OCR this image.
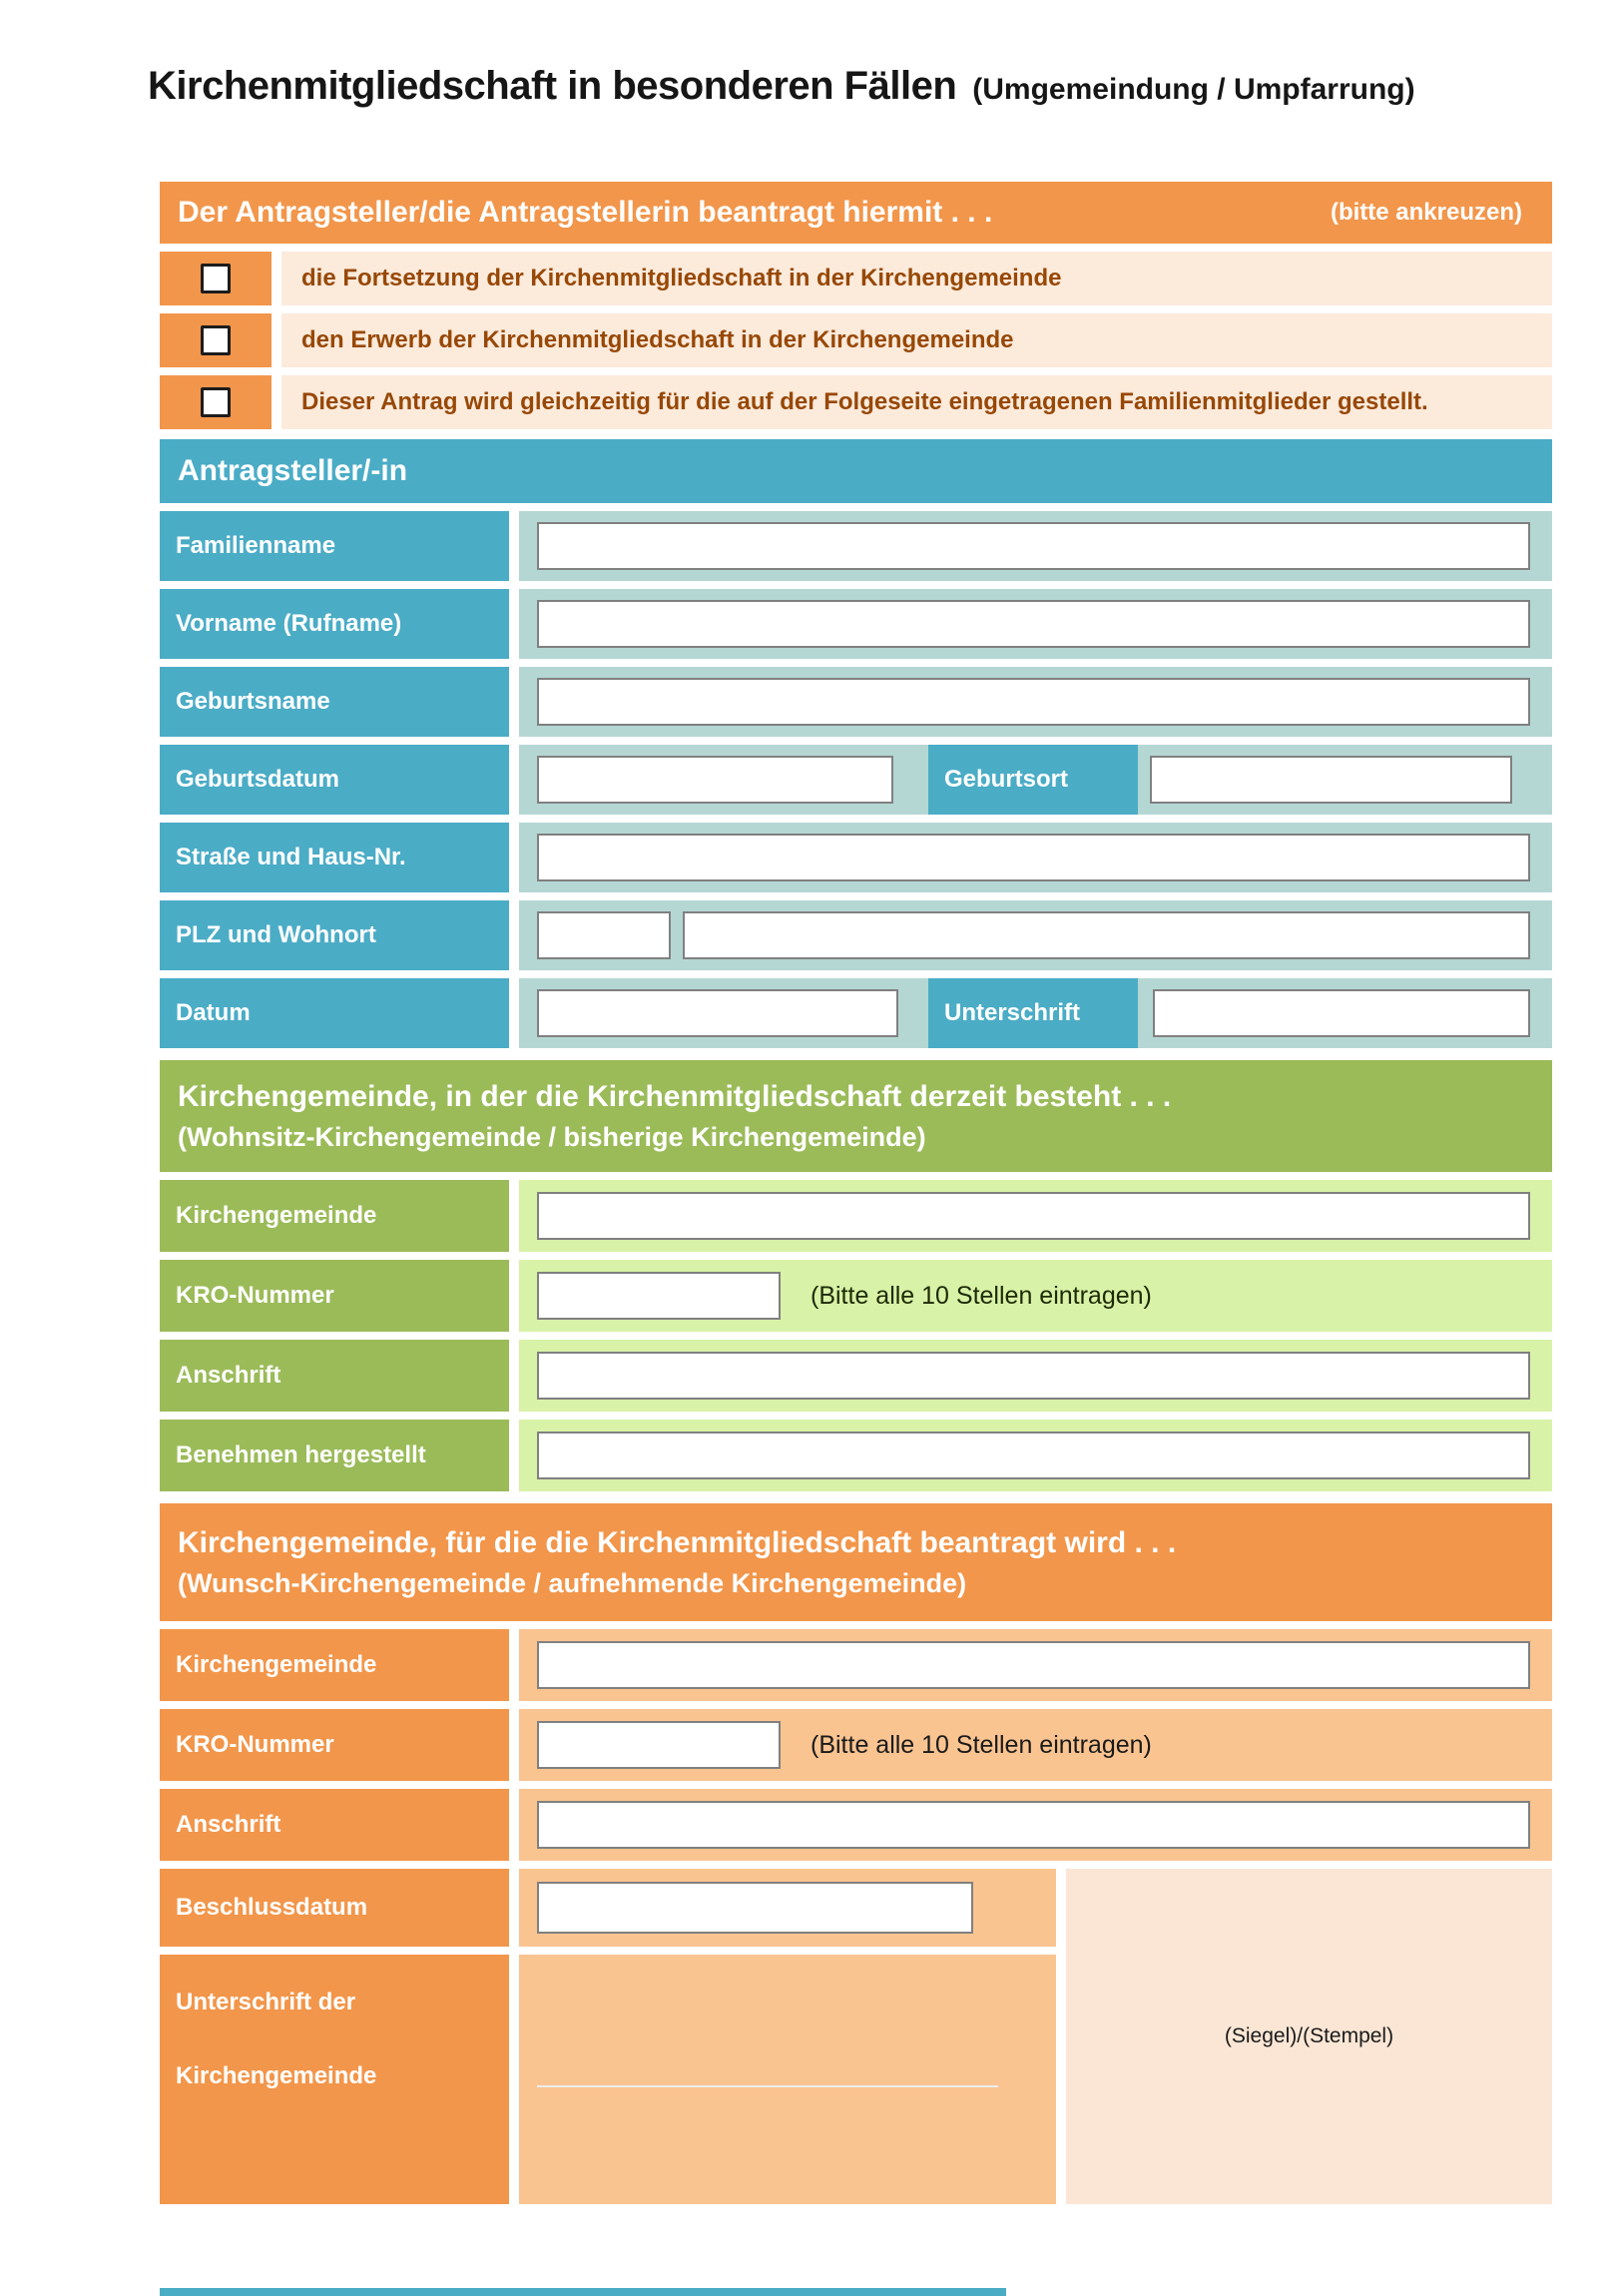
Kirchenmitgliedschaft in besonderen Fällen (Umgemeindung / Umpfarrung)
Der Antragsteller/die Antragstellerin beantragt hiermit . . .	(bitte ankreuzen)
die Fortsetzung der Kirchenmitgliedschaft in der Kirchengemeinde
den Erwerb der Kirchenmitgliedschaft in der Kirchengemeinde
Dieser Antrag wird gleichzeitig für die auf der Folgeseite eingetragenen Familienmitglieder gestellt.
Antragsteller/-in
Familienname
Vorname (Rufname)
Geburtsname
Geburtsdatum	Geburtsort
Straße und Haus-Nr.
PLZ und Wohnort
Datum	Unterschrift
Kirchengemeinde, in der die Kirchenmitgliedschaft derzeit besteht . . .
(Wohnsitz-Kirchengemeinde / bisherige Kirchengemeinde)
Kirchengemeinde
KRO-Nummer	(Bitte alle 10 Stellen eintragen)
Anschrift
Benehmen hergestellt
Kirchengemeinde, für die die Kirchenmitgliedschaft beantragt wird . . .
(Wunsch-Kirchengemeinde / aufnehmende Kirchengemeinde)
Kirchengemeinde
KRO-Nummer	(Bitte alle 10 Stellen eintragen)
Anschrift
Beschlussdatum
Unterschrift der
Kirchengemeinde
(Siegel)/(Stempel)
